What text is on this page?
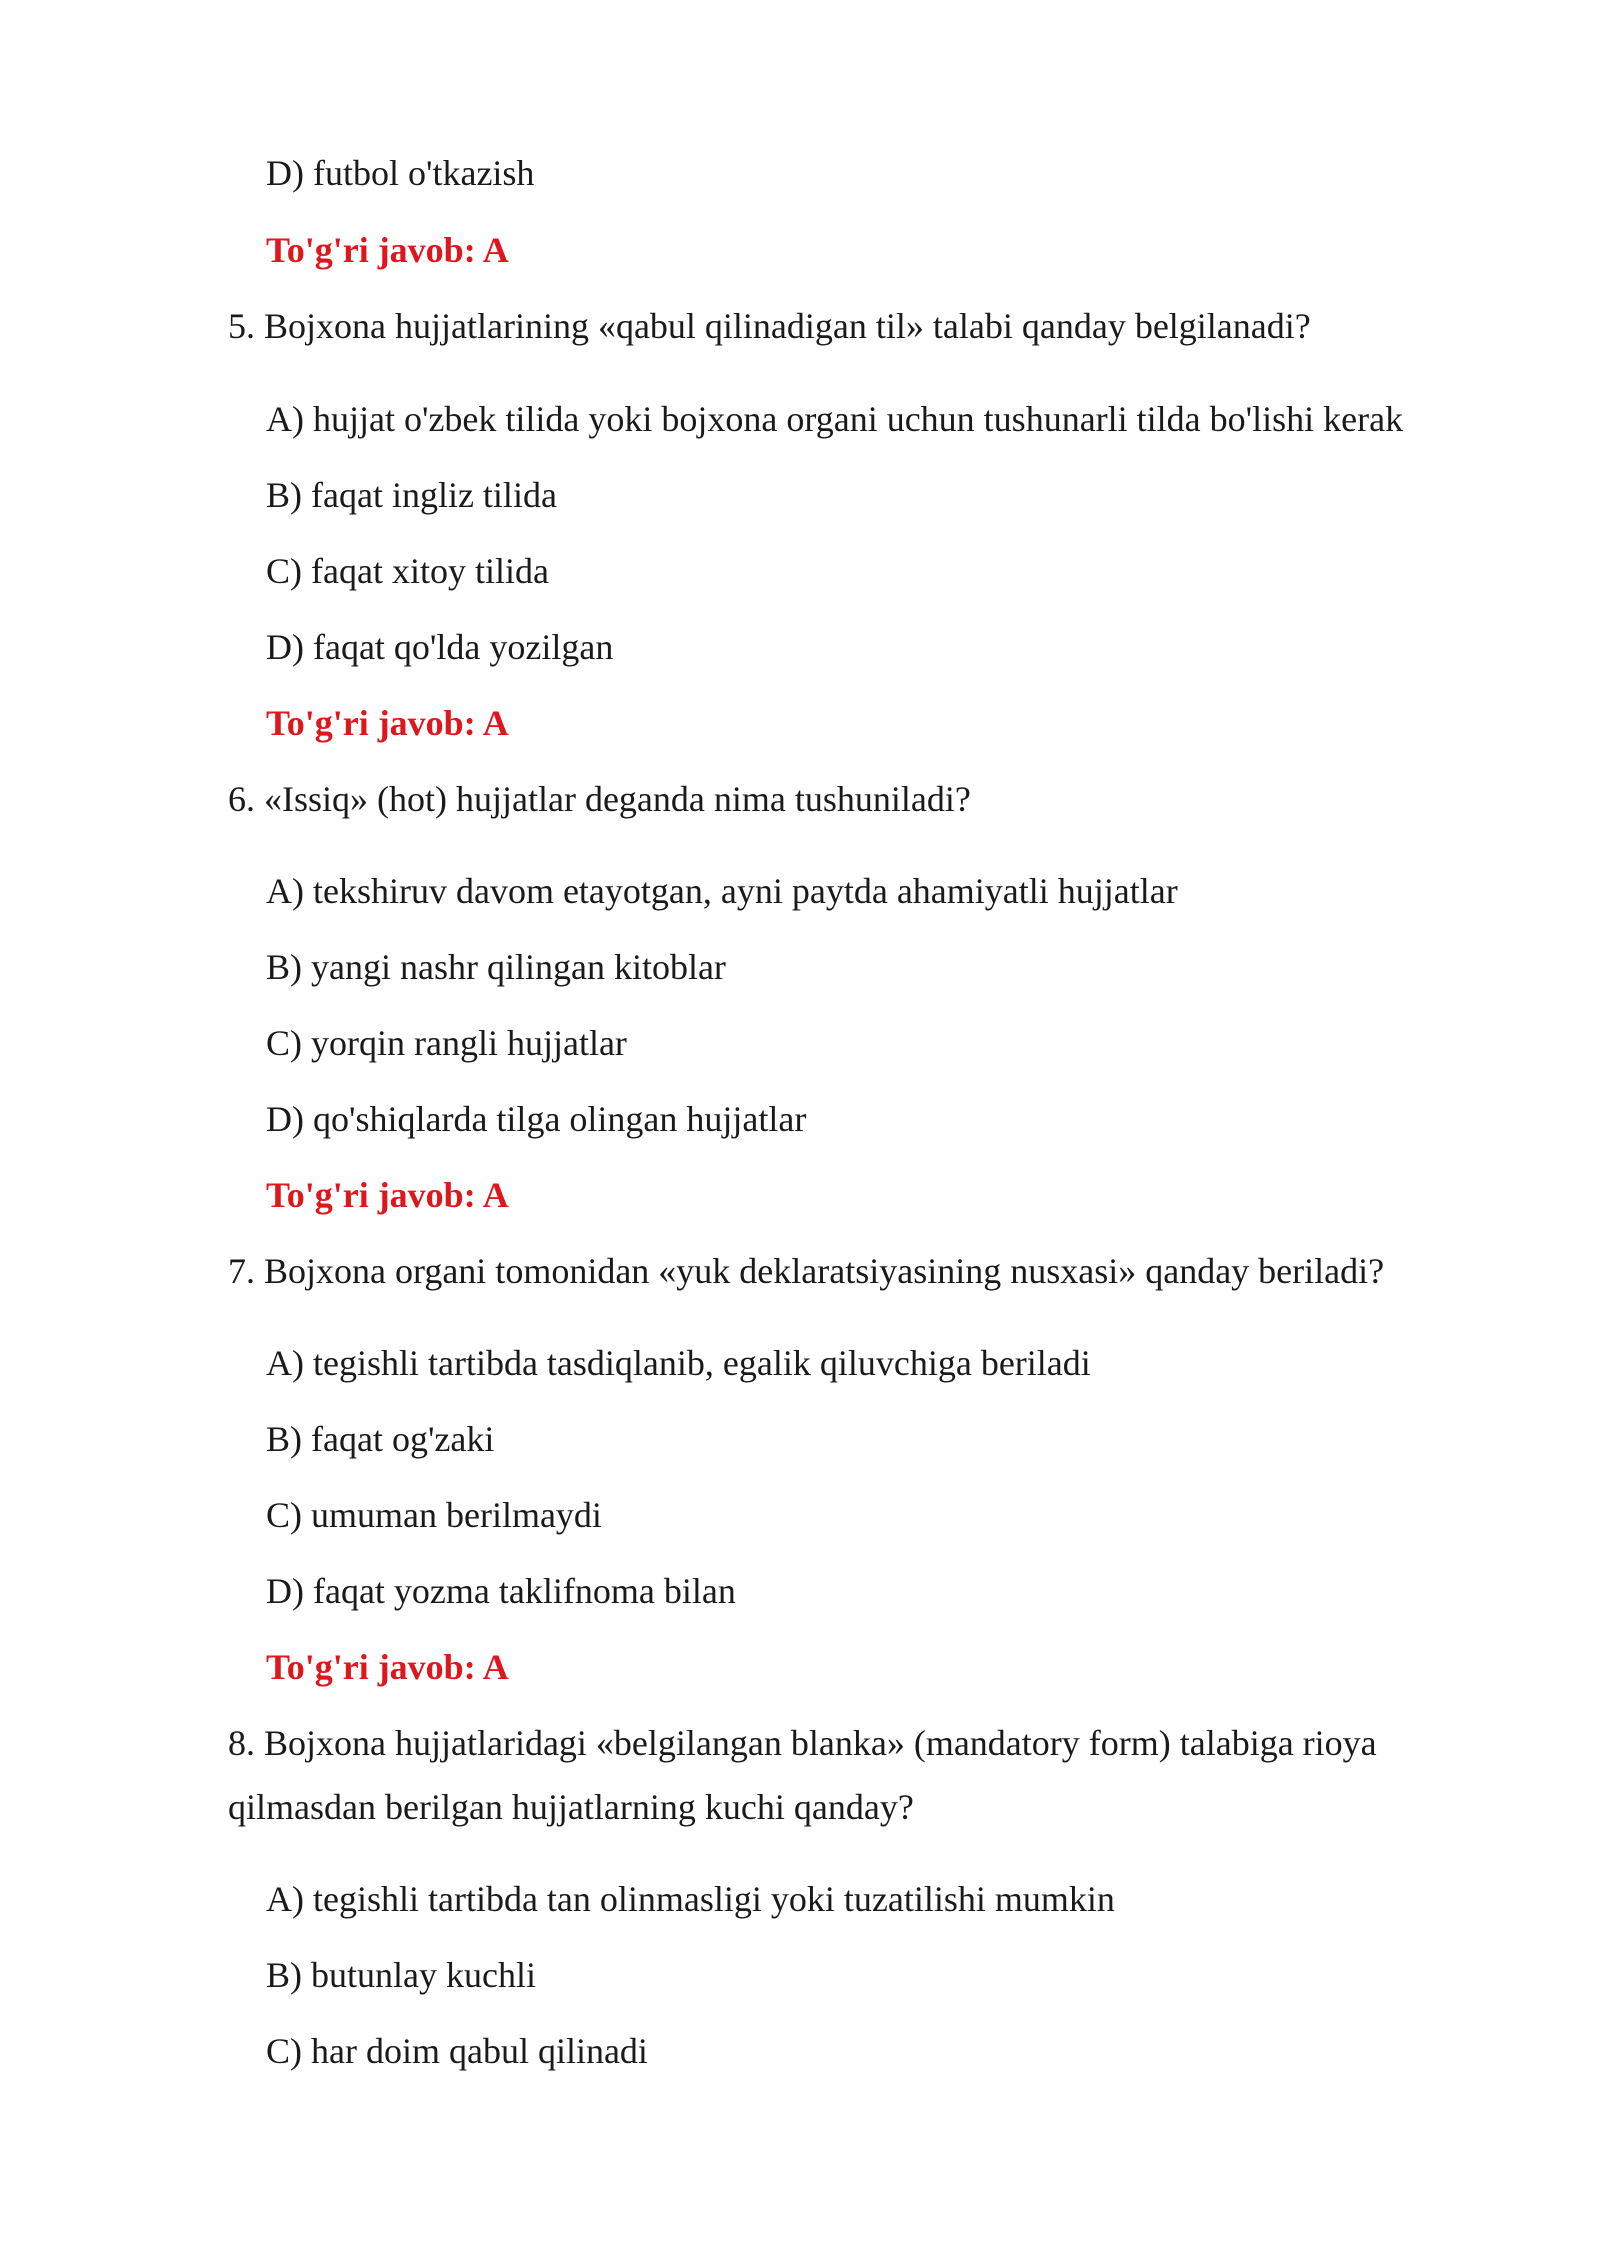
D) futbol o'tkazish
To'g'ri javob: A
5. Bojxona hujjatlarining «qabul qilinadigan til» talabi qanday belgilanadi?
A) hujjat o'zbek tilida yoki bojxona organi uchun tushunarli tilda bo'lishi kerak
B) faqat ingliz tilida
C) faqat xitoy tilida
D) faqat qo'lda yozilgan
To'g'ri javob: A
6. «Issiq» (hot) hujjatlar deganda nima tushuniladi?
A) tekshiruv davom etayotgan, ayni paytda ahamiyatli hujjatlar
B) yangi nashr qilingan kitoblar
C) yorqin rangli hujjatlar
D) qo'shiqlarda tilga olingan hujjatlar
To'g'ri javob: A
7. Bojxona organi tomonidan «yuk deklaratsiyasining nusxasi» qanday beriladi?
A) tegishli tartibda tasdiqlanib, egalik qiluvchiga beriladi
B) faqat og'zaki
C) umuman berilmaydi
D) faqat yozma taklifnoma bilan
To'g'ri javob: A
8. Bojxona hujjatlaridagi «belgilangan blanka» (mandatory form) talabiga rioya
qilmasdan berilgan hujjatlarning kuchi qanday?
A) tegishli tartibda tan olinmasligi yoki tuzatilishi mumkin
B) butunlay kuchli
C) har doim qabul qilinadi
